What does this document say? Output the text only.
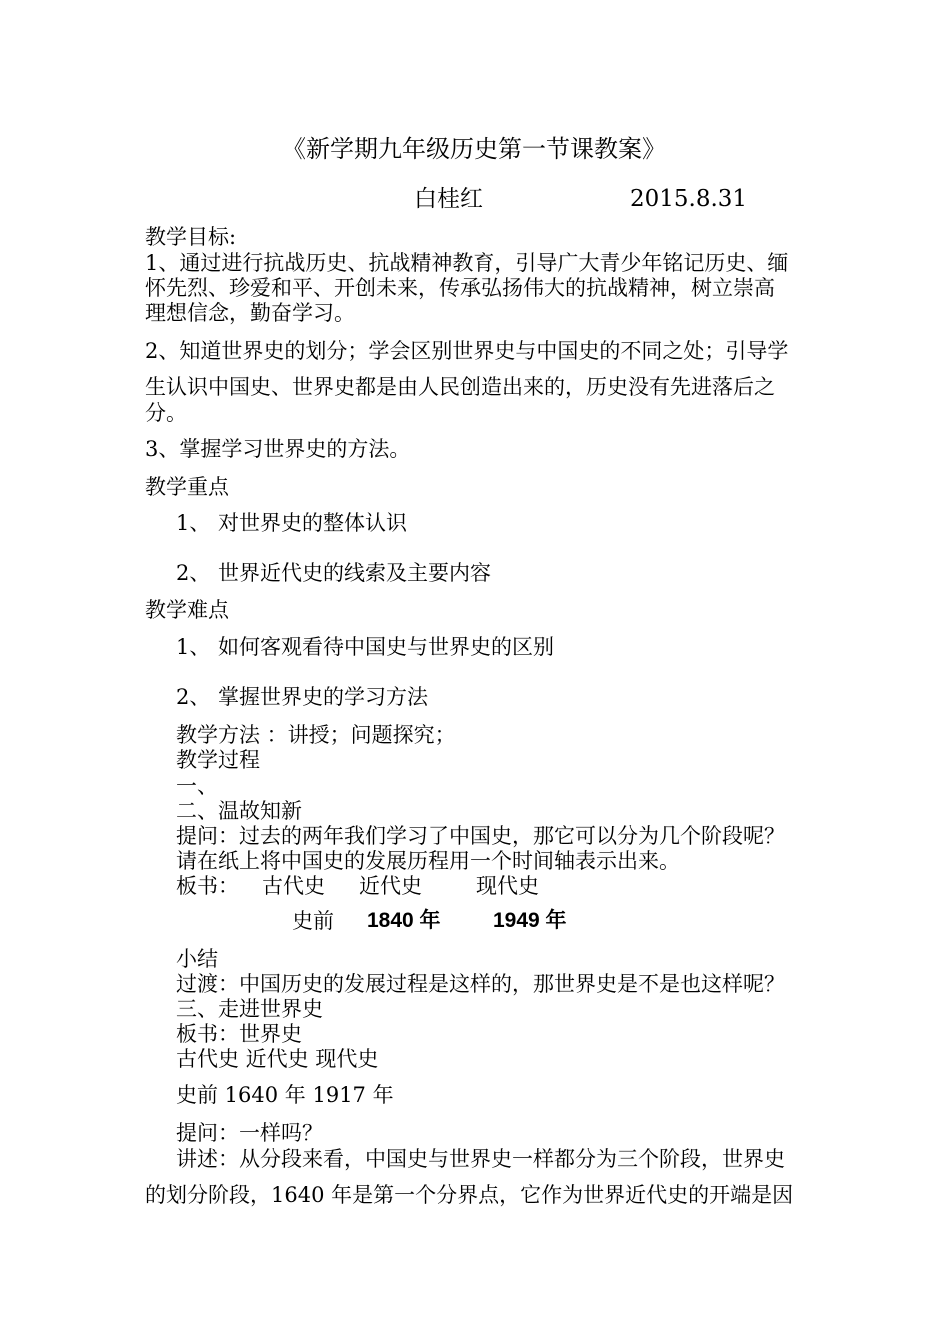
《新学期九年级历史第一节课教案》
白桂红	2015.8.31
教学目标:
1、通过进行抗战历史、抗战精神教育，引导广大青少年铭记历史、缅
怀先烈、珍爱和平、开创未来，传承弘扬伟大的抗战精神，树立崇高
理想信念，勤奋学习。
2、知道世界史的划分；学会区别世界史与中国史的不同之处；引导学
生认识中国史、世界史都是由人民创造出来的，历史没有先进落后之
分。
3、掌握学习世界史的方法。
教学重点
1、 对世界史的整体认识
2、 世界近代史的线索及主要内容
教学难点
1、 如何客观看待中国史与世界史的区别
2、 掌握世界史的学习方法
教学方法 ：讲授；问题探究；
教学过程
一、
二、温故知新
提问：过去的两年我们学习了中国史，那它可以分为几个阶段呢？
请在纸上将中国史的发展历程用一个时间轴表示出来。
板书： 古代史 近代史	现代史
史前 1840 年 1949 年
小结
过渡：中国历史的发展过程是这样的，那世界史是不是也这样呢？
三、走进世界史
板书：世界史
古代史 近代史 现代史
史前 1640 年 1917 年
提问：一样吗？
讲述：从分段来看，中国史与世界史一样都分为三个阶段，世界史
的划分阶段，1640 年是第一个分界点，它作为世界近代史的开端是因
